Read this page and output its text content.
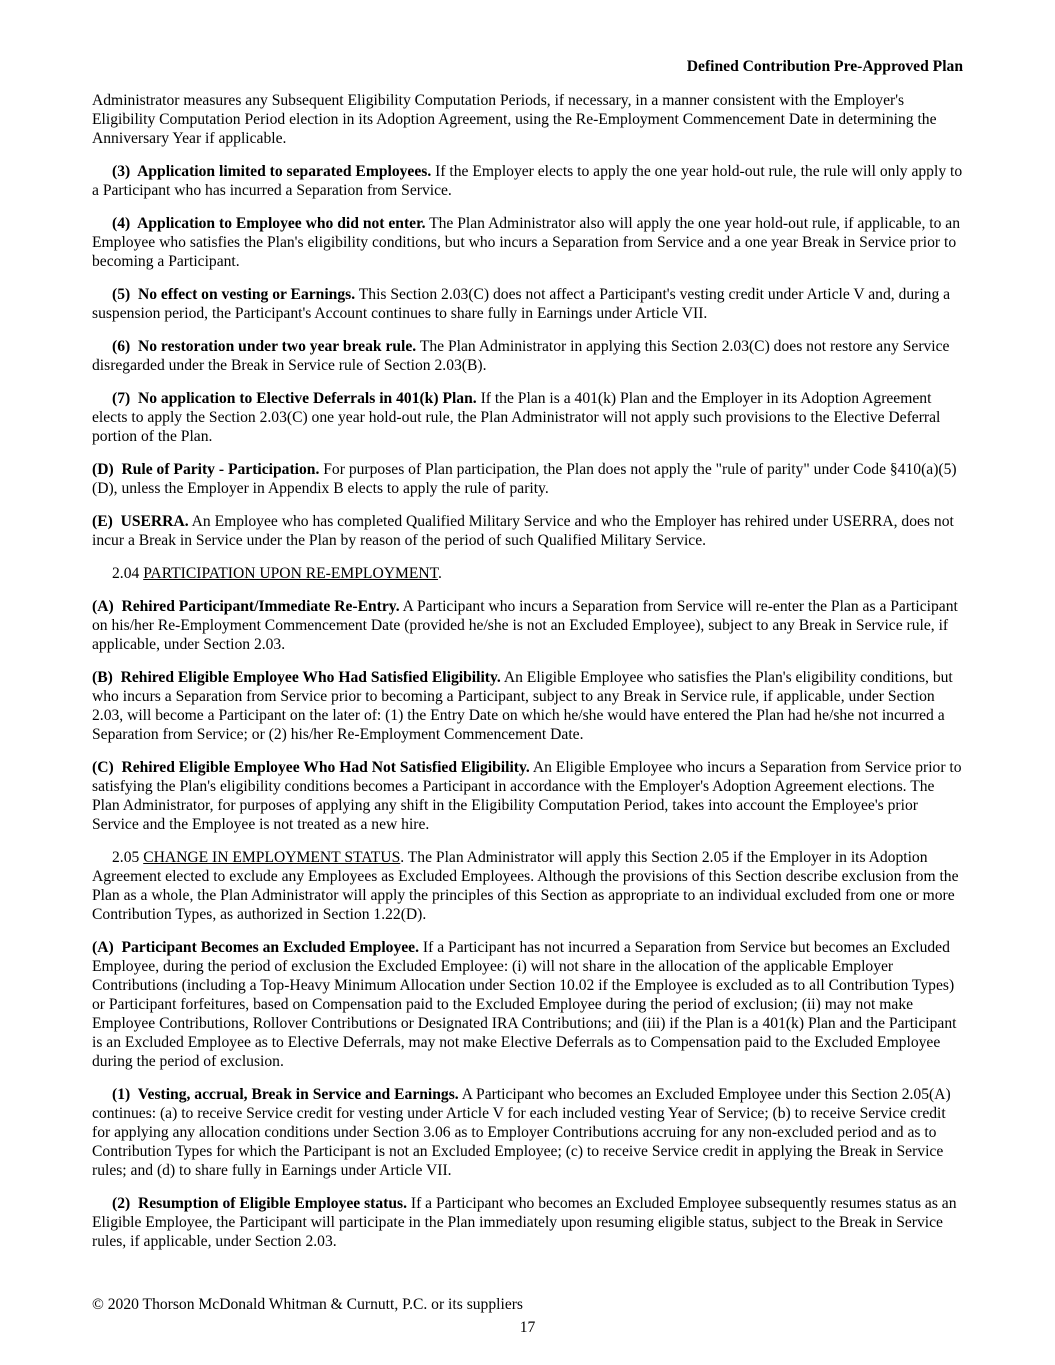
Defined Contribution Pre-Approved Plan

Administrator measures any Subsequent Eligibility Computation Periods, if necessary, in a manner consistent with the Employer's Eligibility Computation Period election in its Adoption Agreement, using the Re-Employment Commencement Date in determining the Anniversary Year if applicable.

(3)  Application limited to separated Employees. If the Employer elects to apply the one year hold-out rule, the rule will only apply to a Participant who has incurred a Separation from Service.

(4)  Application to Employee who did not enter. The Plan Administrator also will apply the one year hold-out rule, if applicable, to an Employee who satisfies the Plan's eligibility conditions, but who incurs a Separation from Service and a one year Break in Service prior to becoming a Participant.

(5)  No effect on vesting or Earnings. This Section 2.03(C) does not affect a Participant's vesting credit under Article V and, during a suspension period, the Participant's Account continues to share fully in Earnings under Article VII.

(6)  No restoration under two year break rule. The Plan Administrator in applying this Section 2.03(C) does not restore any Service disregarded under the Break in Service rule of Section 2.03(B).

(7)  No application to Elective Deferrals in 401(k) Plan. If the Plan is a 401(k) Plan and the Employer in its Adoption Agreement elects to apply the Section 2.03(C) one year hold-out rule, the Plan Administrator will not apply such provisions to the Elective Deferral portion of the Plan.

(D)  Rule of Parity - Participation. For purposes of Plan participation, the Plan does not apply the "rule of parity" under Code §410(a)(5)(D), unless the Employer in Appendix B elects to apply the rule of parity.

(E)  USERRA. An Employee who has completed Qualified Military Service and who the Employer has rehired under USERRA, does not incur a Break in Service under the Plan by reason of the period of such Qualified Military Service.

2.04 PARTICIPATION UPON RE-EMPLOYMENT.

(A)  Rehired Participant/Immediate Re-Entry. A Participant who incurs a Separation from Service will re-enter the Plan as a Participant on his/her Re-Employment Commencement Date (provided he/she is not an Excluded Employee), subject to any Break in Service rule, if applicable, under Section 2.03.

(B)  Rehired Eligible Employee Who Had Satisfied Eligibility. An Eligible Employee who satisfies the Plan's eligibility conditions, but who incurs a Separation from Service prior to becoming a Participant, subject to any Break in Service rule, if applicable, under Section 2.03, will become a Participant on the later of: (1) the Entry Date on which he/she would have entered the Plan had he/she not incurred a Separation from Service; or (2) his/her Re-Employment Commencement Date.

(C)  Rehired Eligible Employee Who Had Not Satisfied Eligibility. An Eligible Employee who incurs a Separation from Service prior to satisfying the Plan's eligibility conditions becomes a Participant in accordance with the Employer's Adoption Agreement elections. The Plan Administrator, for purposes of applying any shift in the Eligibility Computation Period, takes into account the Employee's prior Service and the Employee is not treated as a new hire.

2.05 CHANGE IN EMPLOYMENT STATUS. The Plan Administrator will apply this Section 2.05 if the Employer in its Adoption Agreement elected to exclude any Employees as Excluded Employees. Although the provisions of this Section describe exclusion from the Plan as a whole, the Plan Administrator will apply the principles of this Section as appropriate to an individual excluded from one or more Contribution Types, as authorized in Section 1.22(D).

(A)  Participant Becomes an Excluded Employee. If a Participant has not incurred a Separation from Service but becomes an Excluded Employee, during the period of exclusion the Excluded Employee: (i) will not share in the allocation of the applicable Employer Contributions (including a Top-Heavy Minimum Allocation under Section 10.02 if the Employee is excluded as to all Contribution Types) or Participant forfeitures, based on Compensation paid to the Excluded Employee during the period of exclusion; (ii) may not make Employee Contributions, Rollover Contributions or Designated IRA Contributions; and (iii) if the Plan is a 401(k) Plan and the Participant is an Excluded Employee as to Elective Deferrals, may not make Elective Deferrals as to Compensation paid to the Excluded Employee during the period of exclusion.

(1)  Vesting, accrual, Break in Service and Earnings. A Participant who becomes an Excluded Employee under this Section 2.05(A) continues: (a) to receive Service credit for vesting under Article V for each included vesting Year of Service; (b) to receive Service credit for applying any allocation conditions under Section 3.06 as to Employer Contributions accruing for any non-excluded period and as to Contribution Types for which the Participant is not an Excluded Employee; (c) to receive Service credit in applying the Break in Service rules; and (d) to share fully in Earnings under Article VII.

(2)  Resumption of Eligible Employee status. If a Participant who becomes an Excluded Employee subsequently resumes status as an Eligible Employee, the Participant will participate in the Plan immediately upon resuming eligible status, subject to the Break in Service rules, if applicable, under Section 2.03.

© 2020 Thorson McDonald Whitman & Curnutt, P.C. or its suppliers

17
